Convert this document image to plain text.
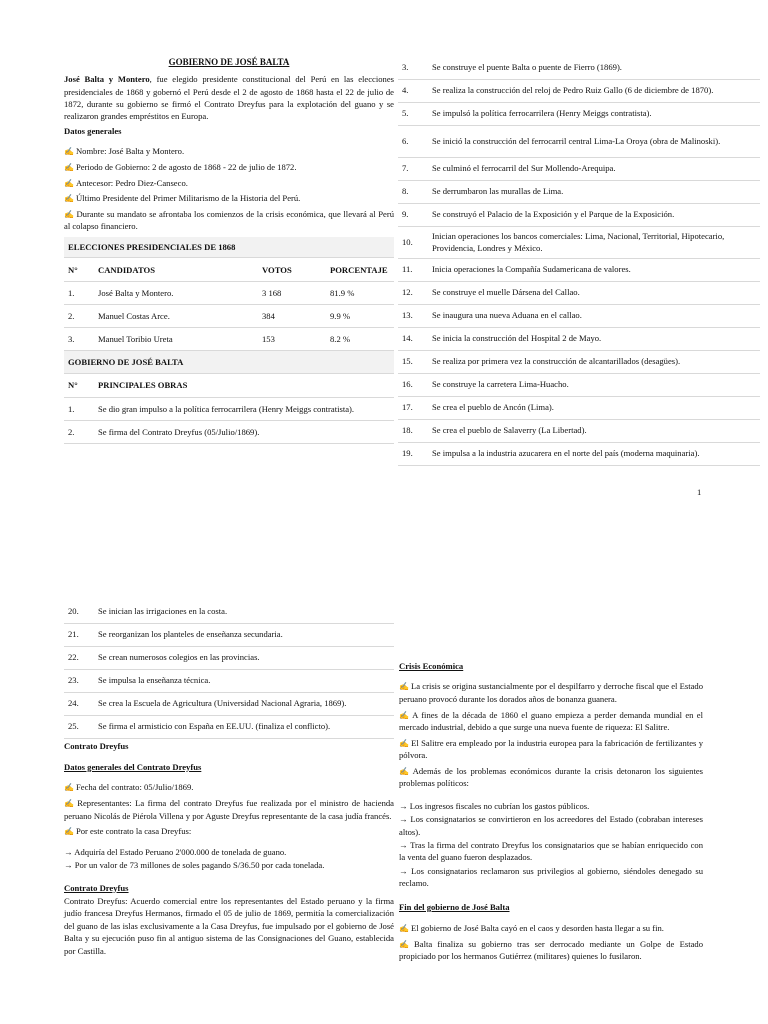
GOBIERNO DE JOSÉ BALTA

José Balta y Montero, fue elegido presidente constitucional del Perú en las elecciones presidenciales de 1868 y gobernó el Perú desde el 2 de agosto de 1868 hasta el 22 de julio de 1872, durante su gobierno se firmó el Contrato Dreyfus para la explotación del guano y se realizaron grandes empréstitos en Europa.

Datos generales

✍ Nombre: José Balta y Montero.

✍ Periodo de Gobierno: 2 de agosto de 1868 - 22 de julio de 1872.

✍ Antecesor: Pedro Diez-Canseco.

✍ Último Presidente del Primer Militarismo de la Historia del Perú.

✍ Durante su mandato se afrontaba los comienzos de la crisis económica, que llevará al Perú al colapso financiero.

ELECCIONES PRESIDENCIALES DE 1868			
N°	CANDIDATOS	VOTOS	PORCENTAJE
1.	José Balta y Montero.	3 168	81.9 %
2.	Manuel Costas Arce.	384	9.9 %
3.	Manuel Toribio Ureta	153	8.2 %
GOBIERNO DE JOSÉ BALTA	
N°	PRINCIPALES OBRAS
1.	Se dio gran impulso a la política ferrocarrilera (Henry Meiggs contratista).
2.	Se firma del Contrato Dreyfus (05/Julio/1869).
3.	Se construye el puente Balta o puente de Fierro (1869).
4.	Se realiza la construcción del reloj de Pedro Ruiz Gallo (6 de diciembre de 1870).
5.	Se impulsó la política ferrocarrilera (Henry Meiggs contratista).
6.	Se inició la construcción del ferrocarril central Lima-La Oroya (obra de Malinoski).
7.	Se culminó el ferrocarril del Sur Mollendo-Arequipa.
8.	Se derrumbaron las murallas de Lima.
9.	Se construyó el Palacio de la Exposición y el Parque de la Exposición.
10.	Inician operaciones los bancos comerciales: Lima, Nacional, Territorial, Hipotecario, Providencia, Londres y México.
11.	Inicia operaciones la Compañía Sudamericana de valores.
12.	Se construye el muelle Dársena del Callao.
13.	Se inaugura una nueva Aduana en el callao.
14.	Se inicia la construcción del Hospital 2 de Mayo.
15.	Se realiza por primera vez la construcción de alcantarillados (desagües).
16.	Se construye la carretera Lima-Huacho.
17.	Se crea el pueblo de Ancón (Lima).
18.	Se crea el pueblo de Salaverry (La Libertad).
19.	Se impulsa a la industria azucarera en el norte del país (moderna maquinaria).
1
20.	Se inician las irrigaciones en la costa.
21.	Se reorganizan los planteles de enseñanza secundaria.
22.	Se crean numerosos colegios en las provincias.
23.	Se impulsa la enseñanza técnica.
24.	Se crea la Escuela de Agricultura (Universidad Nacional Agraria, 1869).
25.	Se firma el armisticio con España en EE.UU. (finaliza el conflicto).

Contrato Dreyfus

Datos generales del Contrato Dreyfus

✍ Fecha del contrato: 05/Julio/1869.

✍ Representantes: La firma del contrato Dreyfus fue realizada por el ministro de hacienda peruano Nicolás de Piérola Villena y por Aguste Dreyfus representante de la casa judía francés.

✍ Por este contrato la casa Dreyfus:

→ Adquiría del Estado Peruano 2'000.000 de tonelada de guano.

→ Por un valor de 73 millones de soles pagando S/36.50 por cada tonelada.

Contrato Dreyfus

Contrato Dreyfus: Acuerdo comercial entre los representantes del Estado peruano y la firma judío francesa Dreyfus Hermanos, firmado el 05 de julio de 1869, permitía la comercialización del guano de las islas exclusivamente a la Casa Dreyfus, fue impulsado por el gobierno de José Balta y su ejecución puso fin al antiguo sistema de las Consignaciones del Guano, establecida por Castilla.

Crisis Económica

✍ La crisis se origina sustancialmente por el despilfarro y derroche fiscal que el Estado peruano provocó durante los dorados años de bonanza guanera.

✍ A fines de la década de 1860 el guano empieza a perder demanda mundial en el mercado industrial, debido a que surge una nueva fuente de riqueza: El Salitre.

✍ El Salitre era empleado por la industria europea para la fabricación de fertilizantes y pólvora.

✍ Además de los problemas económicos durante la crisis detonaron los siguientes problemas políticos:

→ Los ingresos fiscales no cubrían los gastos públicos.

→ Los consignatarios se convirtieron en los acreedores del Estado (cobraban intereses altos).

→ Tras la firma del contrato Dreyfus los consignatarios que se habían enriquecido con la venta del guano fueron desplazados.

→ Los consignatarios reclamaron sus privilegios al gobierno, siéndoles denegado su reclamo.

Fin del gobierno de José Balta

✍ El gobierno de José Balta cayó en el caos y desorden hasta llegar a su fin.

✍ Balta finaliza su gobierno tras ser derrocado mediante un Golpe de Estado propiciado por los hermanos Gutiérrez (militares) quienes lo fusilaron.
